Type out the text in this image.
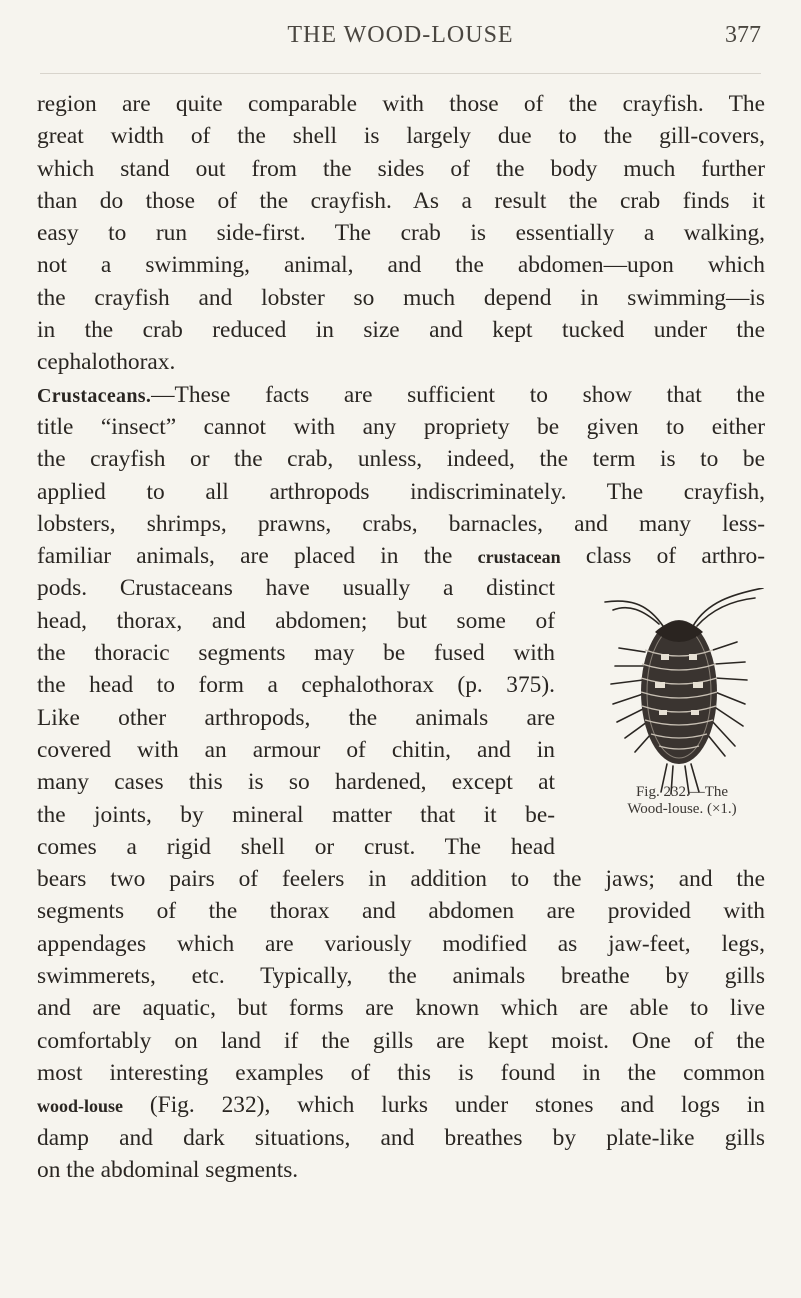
THE WOOD-LOUSE	377
region are quite comparable with those of the crayfish. The
great width of the shell is largely due to the gill-covers,
which stand out from the sides of the body much further
than do those of the crayfish. As a result the crab finds it
easy to run side-first. The crab is essentially a walking,
not a swimming, animal, and the abdomen—upon which
the crayfish and lobster so much depend in swimming—is
in the crab reduced in size and kept tucked under the
cephalothorax.
Crustaceans.—These facts are sufficient to show that the
title “insect” cannot with any propriety be given to either
the crayfish or the crab, unless, indeed, the term is to be
applied to all arthropods indiscriminately. The crayfish,
lobsters, shrimps, prawns, crabs, barnacles, and many less-
familiar animals, are placed in the crustacean class of arthro-
pods. Crustaceans have usually a distinct
head, thorax, and abdomen; but some of
the thoracic segments may be fused with
the head to form a cephalothorax (p. 375).
Like other arthropods, the animals are
covered with an armour of chitin, and in
many cases this is so hardened, except at
the joints, by mineral matter that it be-
comes a rigid shell or crust. The head
bears two pairs of feelers in addition to the jaws; and the
segments of the thorax and abdomen are provided with
appendages which are variously modified as jaw-feet, legs,
swimmerets, etc. Typically, the animals breathe by gills
and are aquatic, but forms are known which are able to live
comfortably on land if the gills are kept moist. One of the
most interesting examples of this is found in the common
wood-louse (Fig. 232), which lurks under stones and logs in
damp and dark situations, and breathes by plate-like gills
on the abdominal segments.
Fig. 232.—The
Wood-louse. (×1.)
